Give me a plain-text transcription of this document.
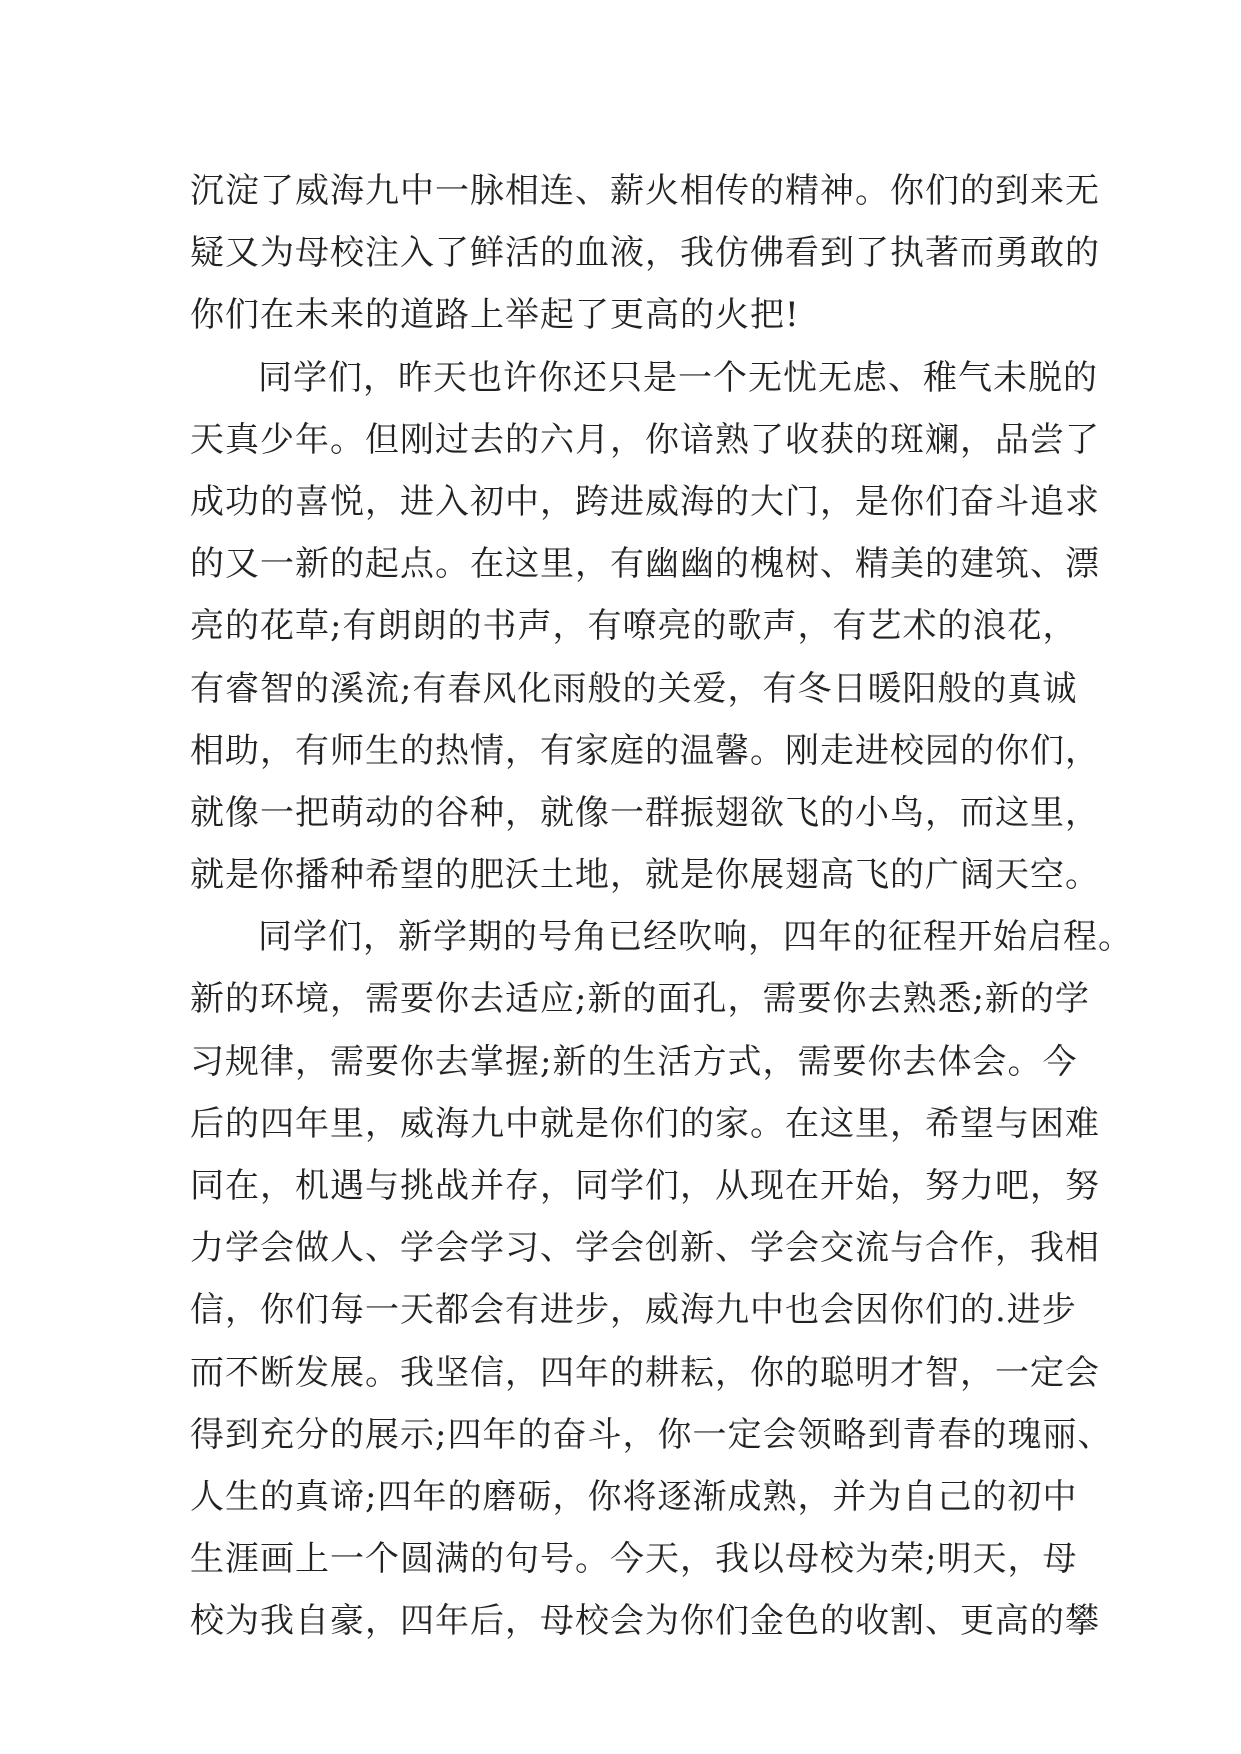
沉淀了威海九中一脉相连、薪火相传的精神。你们的到来无
疑又为母校注入了鲜活的血液，我仿佛看到了执著而勇敢的
你们在未来的道路上举起了更高的火把!
同学们，昨天也许你还只是一个无忧无虑、稚气未脱的
天真少年。但刚过去的六月，你谙熟了收获的斑斓，品尝了
成功的喜悦，进入初中，跨进威海的大门，是你们奋斗追求
的又一新的起点。在这里，有幽幽的槐树、精美的建筑、漂
亮的花草;有朗朗的书声，有嘹亮的歌声，有艺术的浪花，
有睿智的溪流;有春风化雨般的关爱，有冬日暖阳般的真诚
相助，有师生的热情，有家庭的温馨。刚走进校园的你们，
就像一把萌动的谷种，就像一群振翅欲飞的小鸟，而这里，
就是你播种希望的肥沃土地，就是你展翅高飞的广阔天空。
同学们，新学期的号角已经吹响，四年的征程开始启程。
新的环境，需要你去适应;新的面孔，需要你去熟悉;新的学
习规律，需要你去掌握;新的生活方式，需要你去体会。今
后的四年里，威海九中就是你们的家。在这里，希望与困难
同在，机遇与挑战并存，同学们，从现在开始，努力吧，努
力学会做人、学会学习、学会创新、学会交流与合作，我相
信，你们每一天都会有进步，威海九中也会因你们的.进步
而不断发展。我坚信，四年的耕耘，你的聪明才智，一定会
得到充分的展示;四年的奋斗，你一定会领略到青春的瑰丽、
人生的真谛;四年的磨砺，你将逐渐成熟，并为自己的初中
生涯画上一个圆满的句号。今天，我以母校为荣;明天，母
校为我自豪，四年后，母校会为你们金色的收割、更高的攀
